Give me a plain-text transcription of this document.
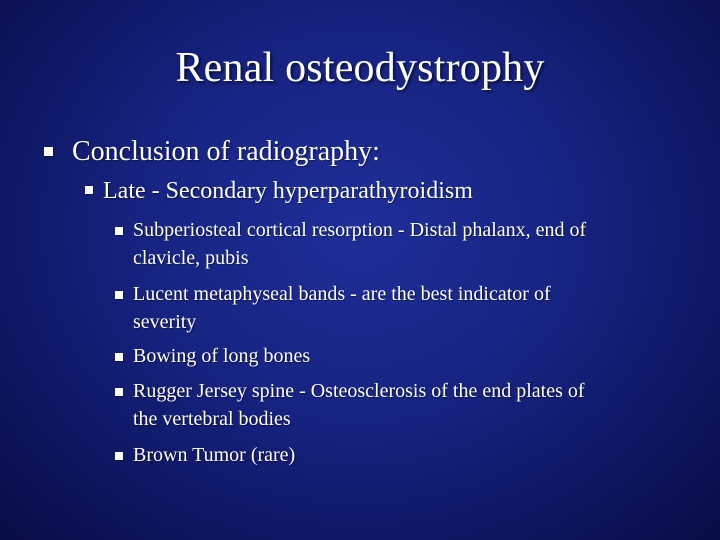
Renal osteodystrophy
Conclusion of radiography:
Late - Secondary hyperparathyroidism
Subperiosteal cortical resorption - Distal phalanx, end of
clavicle, pubis
Lucent metaphyseal bands - are the best indicator of
severity
Bowing of long bones
Rugger Jersey spine - Osteosclerosis of the end plates of
the vertebral bodies
Brown Tumor (rare)
